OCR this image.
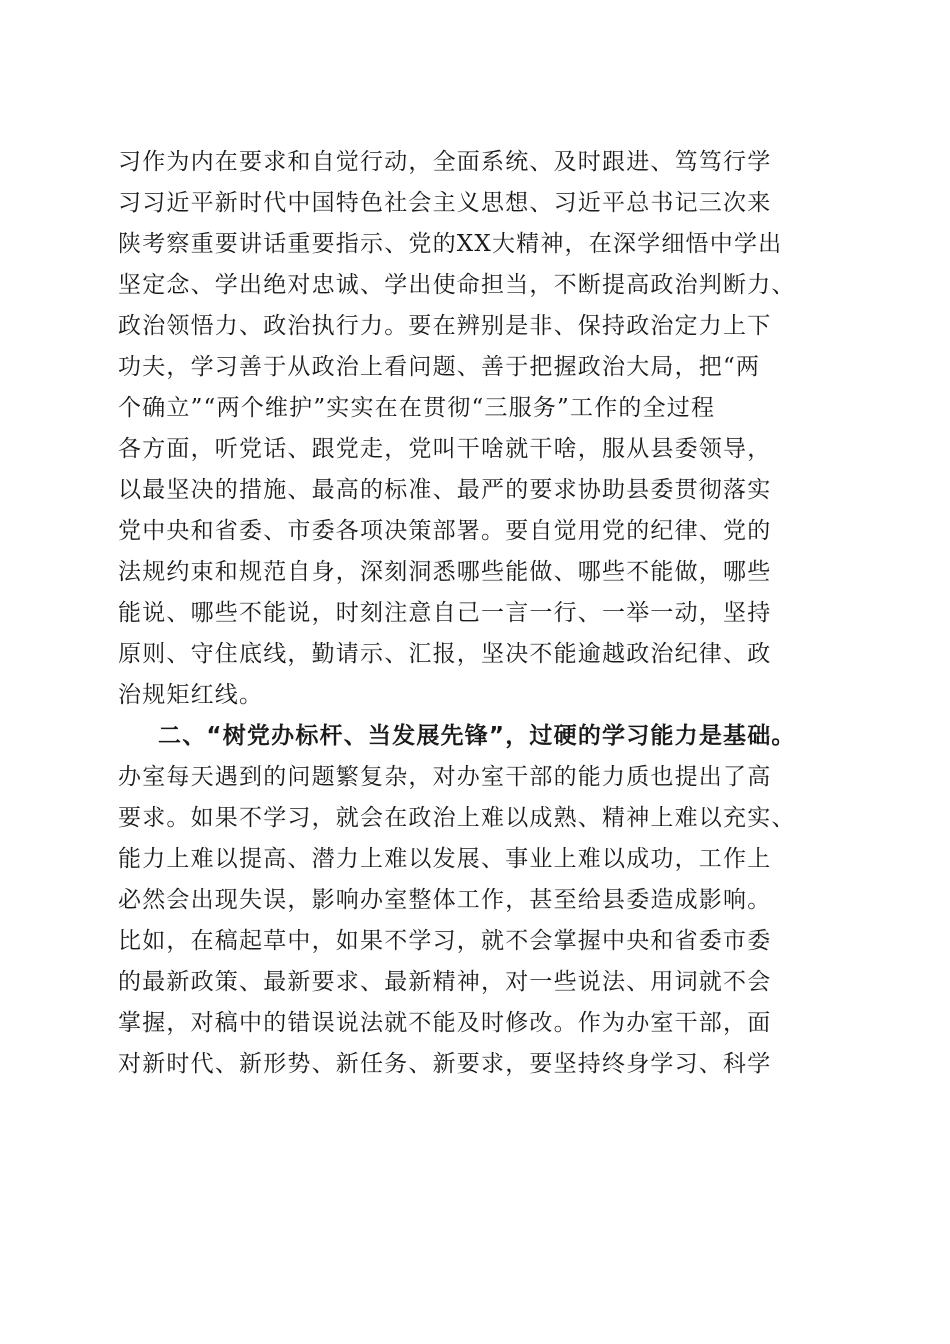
习作为内在要求和自觉行动，全面系统、及时跟进、笃笃行学
习习近平新时代中国特色社会主义思想、习近平总书记三次来
陕考察重要讲话重要指示、党的XX大精神，在深学细悟中学出
坚定念、学出绝对忠诚、学出使命担当，不断提高政治判断力、
政治领悟力、政治执行力。要在辨别是非、保持政治定力上下
功夫，学习善于从政治上看问题、善于把握政治大局，把“两
个确立”“两个维护”实实在在贯彻“三服务”工作的全过程
各方面，听党话、跟党走，党叫干啥就干啥，服从县委领导，
以最坚决的措施、最高的标准、最严的要求协助县委贯彻落实
党中央和省委、市委各项决策部署。要自觉用党的纪律、党的
法规约束和规范自身，深刻洞悉哪些能做、哪些不能做，哪些
能说、哪些不能说，时刻注意自己一言一行、一举一动，坚持
原则、守住底线，勤请示、汇报，坚决不能逾越政治纪律、政
治规矩红线。
二、“树党办标杆、当发展先锋”，过硬的学习能力是基础。
办室每天遇到的问题繁复杂，对办室干部的能力质也提出了高
要求。如果不学习，就会在政治上难以成熟、精神上难以充实、
能力上难以提高、潜力上难以发展、事业上难以成功，工作上
必然会出现失误，影响办室整体工作，甚至给县委造成影响。
比如，在稿起草中，如果不学习，就不会掌握中央和省委市委
的最新政策、最新要求、最新精神，对一些说法、用词就不会
掌握，对稿中的错误说法就不能及时修改。作为办室干部，面
对新时代、新形势、新任务、新要求，要坚持终身学习、科学
